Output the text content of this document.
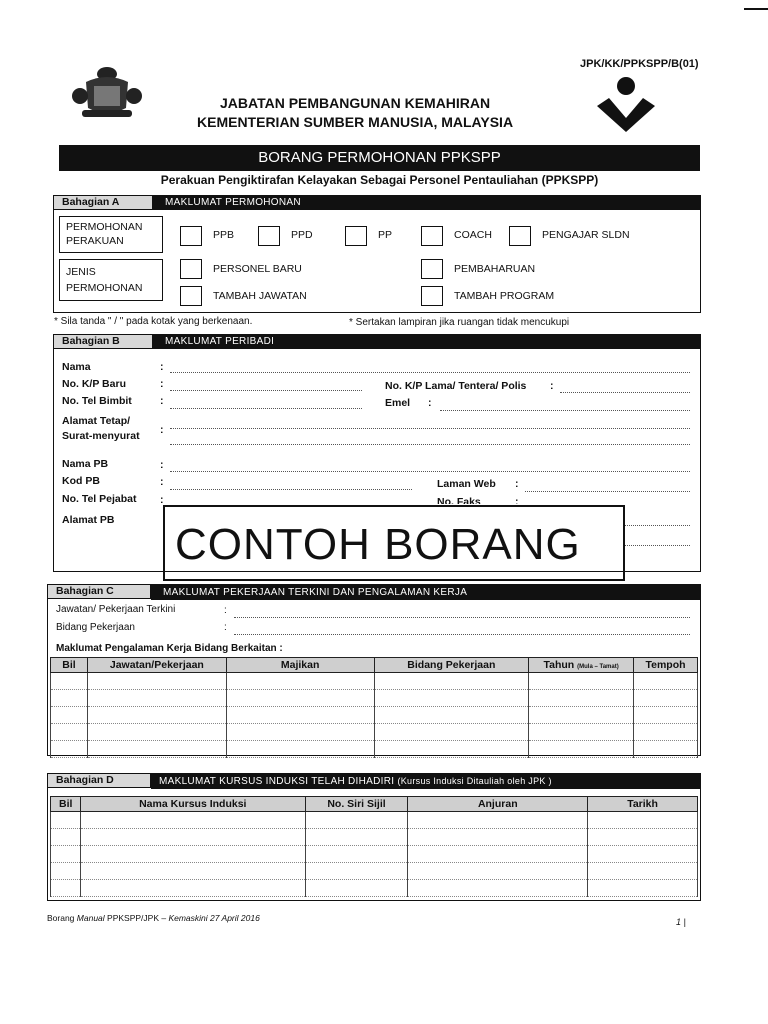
JPK/KK/PPKSPP/B(01)
JABATAN PEMBANGUNAN KEMAHIRAN
KEMENTERIAN SUMBER MANUSIA, MALAYSIA
BORANG PERMOHONAN PPKSPP
Perakuan Pengiktirafan Kelayakan Sebagai Personel Pentauliahan (PPKSPP)
Bahagian A	MAKLUMAT PERMOHONAN
PERMOHONAN
PERAKUAN	PPB	PPD	PP	COACH	PENGAJAR SLDN
JENIS
PERMOHONAN
PERSONEL BARU
TAMBAH JAWATAN
PEMBAHARUAN
TAMBAH PROGRAM
* Sila tanda " / " pada kotak yang berkenaan.	* Sertakan lampiran jika ruangan tidak mencukupi
Bahagian B	MAKLUMAT PERIBADI
Nama	:
No. K/P Baru	:	No. K/P Lama/ Tentera/ Polis :
No. Tel Bimbit	:	Emel :
Alamat Tetap/
Surat-menyurat :
Nama PB	:
Kod PB	:	Laman Web :
No. Tel Pejabat :	No. Faks	:
Alamat PB
Bahagian C	MAKLUMAT PEKERJAAN TERKINI DAN PENGALAMAN KERJA
Jawatan/ Pekerjaan Terkini	:
Bidang Pekerjaan	:
Maklumat Pengalaman Kerja Bidang Berkaitan :
Bil	Jawatan/Pekerjaan	Majikan	Bidang Pekerjaan	Tahun (Mula – Tamat)	Tempoh

CONTOH BORANG
Bahagian D	MAKLUMAT KURSUS INDUKSI TELAH DIHADIRI (Kursus Induksi Ditauliah oleh JPK )
Bil	Nama Kursus Induksi	No. Siri Sijil	Anjuran	Tarikh

Borang Manual PPKSPP/JPK – Kemaskini 27 April 2016	1 |
